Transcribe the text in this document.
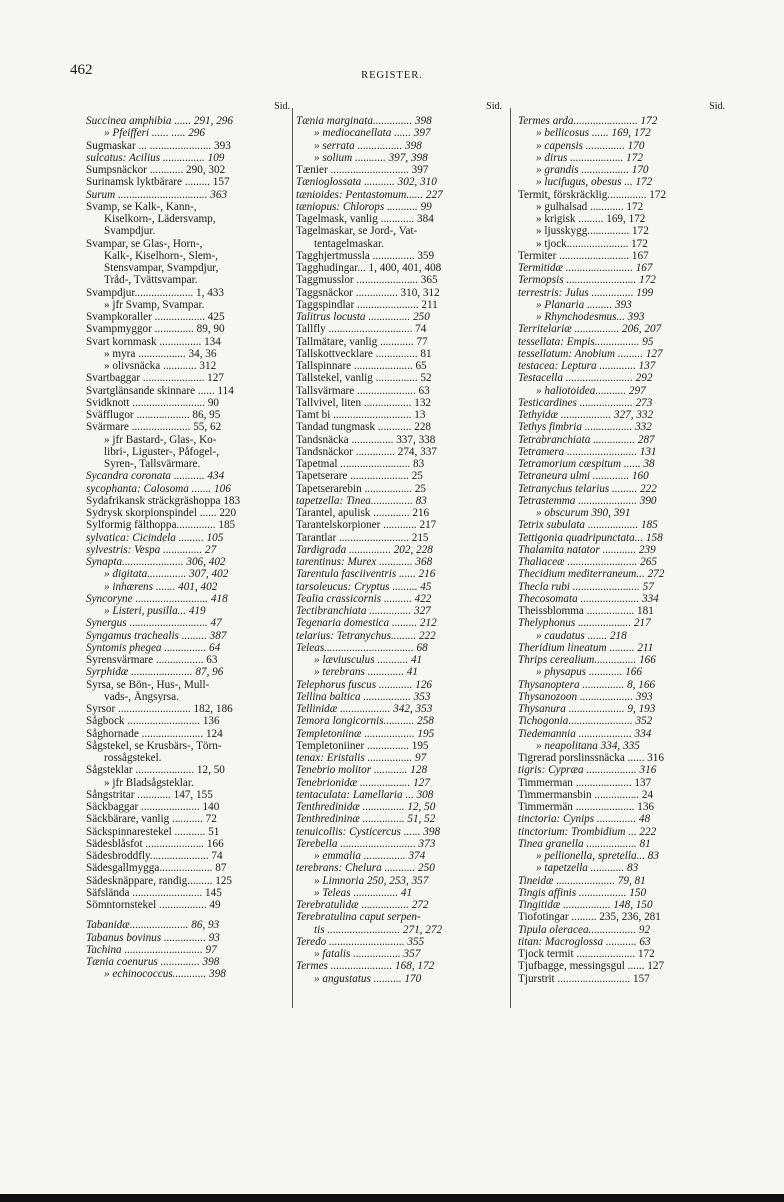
462	REGISTER.
Sid.
Succinea amphibia ...... 291, 296
» Pfeifferi ...... ..... 296
Sugmaskar ... ...................... 393
sulcatus: Acilius ............... 109
Sumpsnäckor ............ 290, 302
Surinamsk lyktbärare ......... 157
Surum ................................ 363
Svamp, se Kalk-, Kann-,
Kiselkorn-, Lädersvamp,
Svampdjur.
Svampar, se Glas-, Horn-,
Kalk-, Kiselhorn-, Slem-,
Stensvampar, Svampdjur,
Tråd-, Tvättsvampar.
Svampdjur..................... 1, 433
» jfr Svamp, Svampar.
Svampkoraller .................. 425
Svampmyggor .............. 89, 90
Svart kornmask ............... 134
» myra ................. 34, 36
» olivsnäcka ............ 312
Svartbaggar ...................... 127
Svartglänsande skinnare ...... 114
Svidknott .......................... 90
Sväfflugor ................... 86, 95
Svärmare ..................... 55, 62
» jfr Bastard-, Glas-, Ko-
libri-, Liguster-, Påfogel-,
Syren-, Tallsvärmare.
Sycandra coronata ........... 434
sycophanta: Calosoma ....... 106
Sydafrikansk sträckgräshoppa 183
Sydrysk skorpionspindel ...... 220
Sylformig fälthoppa.............. 185
sylvatica: Cicindela ......... 105
sylvestris: Vespa .............. 27
Synapta...................... 306, 402
» digitata.............. 307, 402
» inhærens ....... 401, 402
Syncoryne .......................... 418
» Listeri, pusilla... 419
Synergus ............................ 47
Syngamus trachealis ......... 387
Syntomis phegea ............... 64
Syrensvärmare ................. 63
Syrphidæ ...................... 87, 96
Syrsa, se Bön-, Hus-, Mull-
vads-, Ängsyrsa.
Syrsor .......................... 182, 186
Sågbock .......................... 136
Såghornade ...................... 124
Sågstekel, se Krusbärs-, Törn-
rossågstekel.
Sågsteklar ..................... 12, 50
» jfr Bladsågsteklar.
Sångstritar ............ 147, 155
Säckbaggar ..................... 140
Säckbärare, vanlig ........... 72
Säckspinnarestekel ........... 51
Sädesblåsfot ..................... 166
Sädesbroddfly..................... 74
Sädesgallmygga................... 87
Sädesknäppare, randig......... 125
Säfslända ......................... 145
Sömntornstekel ................. 49
Tabanidæ..................... 86, 93
Tabanus bovinus ............... 93
Tachina ............................ 97
Tænia coenurus .............. 398
» echinococcus............ 398
Sid.
Tænia marginata.............. 398
» mediocanellata ...... 397
» serrata ................ 398
» solium ........... 397, 398
Tænier ............................ 397
Tænioglossata ........... 302, 310
tænioides: Pentastomum...... 227
tæniopus: Chlorops ........... 99
Tagelmask, vanlig ............ 384
Tagelmaskar, se Jord-, Vat-
tentagelmaskar.
Tagghjertmussla ............... 359
Tagghudingar... 1, 400, 401, 408
Taggmusslor ...................... 365
Taggsnäckor ............... 310, 312
Taggspindlar ...................... 211
Talitrus locusta ............... 250
Tallfly .............................. 74
Tallmätare, vanlig ............ 77
Tallskottvecklare ............... 81
Tallspinnare ..................... 65
Tallstekel, vanlig ............... 52
Tallsvärmare ..................... 63
Tallvivel, liten ................. 132
Tamt bi ............................ 13
Tandad tungmask ............ 228
Tandsnäcka ............... 337, 338
Tandsnäckor .............. 274, 337
Tapetmal ......................... 83
Tapetserare ..................... 25
Tapetserarebin ................. 25
tapetzella: Tinea............... 83
Tarantel, apulisk ............. 216
Tarantelskorpioner ............ 217
Tarantlar ......................... 215
Tardigrada ............... 202, 228
tarentinus: Murex ............ 368
Tarentula fasciiventris ...... 216
tarsoleucus: Cryptus ......... 45
Tealia crassicornis .......... 422
Tectibranchiata ............... 327
Tegenaria domestica ......... 212
telarius: Tetranychus......... 222
Teleas................................ 68
» læviusculus ........... 41
» terebrans ............. 41
Telephorus fuscus ............ 126
Tellina baltica ................. 353
Tellinidæ .................. 342, 353
Temora longicornis........... 258
Templetoniinæ .................. 195
Templetoniiner ............... 195
tenax: Eristalis ................ 97
Tenebrio molitor ............ 128
Tenebrionidæ .................. 127
tentaculata: Lamellaria ... 308
Tenthredinidæ ............... 12, 50
Tenthredininæ ............... 51, 52
tenuicollis: Cysticercus ...... 398
Terebella ........................... 373
» emmalia ............... 374
terebrans: Chelura ........... 250
» Limnoria 250, 253, 357
» Teleas ................ 41
Terebratulidæ ................. 272
Terebratulina caput serpen-
tis .......................... 271, 272
Teredo ........................... 355
» fatalis ................. 357
Termes ...................... 168, 172
» angustatus .......... 170
Sid.
Termes arda....................... 172
» bellicosus ...... 169, 172
» capensis .............. 170
» dirus ................... 172
» grandis ................. 170
» lucifugus, obesus ... 172
Termit, förskräcklig.............. 172
» gulhalsad ............ 172
» krigisk ......... 169, 172
» ljusskygg............... 172
» tjock...................... 172
Termiter ......................... 167
Termitidæ ........................ 167
Termopsis ......................... 172
terrestris: Julus ............... 199
» Planaria ......... 393
» Rhynchodesmus... 393
Territelariæ ................ 206, 207
tessellata: Empis................ 95
tessellatum: Anobium ......... 127
testacea: Leptura ............. 137
Testacella ........................ 292
» haliotoidea........... 297
Testicardines ................... 273
Tethyidæ .................. 327, 332
Tethys fimbria ................. 332
Tetrabranchiata ............... 287
Tetramera ......................... 131
Tetramorium cæspitum ...... 38
Tetraneura ulmi ............. 160
Tetranychus telarius ......... 222
Tetrastemma ..................... 390
» obscurum 390, 391
Tetrix subulata .................. 185
Tettigonia quadripunctata... 158
Thalamita natator ............ 239
Thaliaceæ ......................... 265
Thecidium mediterraneum... 272
Thecla rubi ........................ 57
Thecosomata ..................... 334
Theissblomma ................. 181
Thelyphonus ................... 217
» caudatus ....... 218
Theridium lineatum ......... 211
Thrips cerealium............... 166
» physapus ............ 166
Thysanoptera ............... 8, 166
Thysanozoon ................... 393
Thysanura .................... 9, 193
Tichogonia....................... 352
Tiedemannia ................... 334
» neapolitana 334, 335
Tigrerad porslinssnäcka ...... 316
tigris: Cypræa .................. 316
Timmerman .................... 137
Timmermansbin ................ 24
Timmermän ..................... 136
tinctoria: Cynips .............. 48
tinctorium: Trombidium ... 222
Tinea granella .................. 81
» pellionella, spretella... 83
» tapetzella ............ 83
Tineidæ ..................... 79, 81
Tingis affinis ................. 150
Tingitidæ ................. 148, 150
Tiofotingar ......... 235, 236, 281
Tipula oleracea................. 92
titan: Macroglossa ........... 63
Tjock termit ..................... 172
Tjufbagge, messingsgul ...... 127
Tjurstrit .......................... 157
